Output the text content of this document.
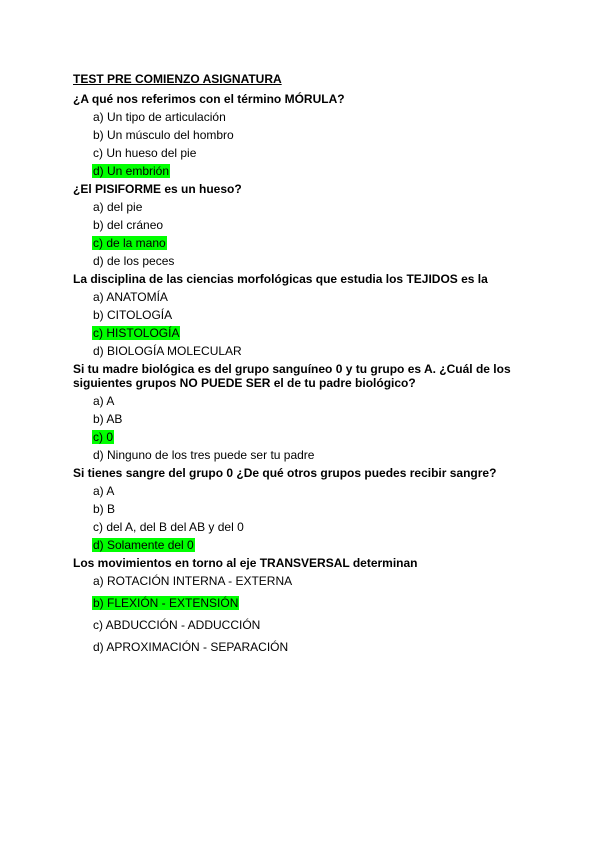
TEST PRE COMIENZO ASIGNATURA
¿A qué nos referimos con el término MÓRULA?
a) Un tipo de articulación
b) Un músculo del hombro
c) Un hueso del pie
d) Un embrión
¿El PISIFORME es un hueso?
a) del pie
b) del cráneo
c) de la mano
d) de los peces
La disciplina de las ciencias morfológicas que estudia los TEJIDOS es la
a) ANATOMÍA
b) CITOLOGÍA
c) HISTOLOGÍA
d) BIOLOGÍA MOLECULAR
Si tu madre biológica es del grupo sanguíneo 0 y tu grupo es A. ¿Cuál de los siguientes grupos NO PUEDE SER el de tu padre biológico?
a) A
b) AB
c) 0
d) Ninguno de los tres puede ser tu padre
Si tienes sangre del grupo 0 ¿De qué otros grupos puedes recibir sangre?
a) A
b) B
c) del A, del B del AB y del 0
d) Solamente del 0
Los movimientos en torno al eje TRANSVERSAL determinan
a) ROTACIÓN INTERNA - EXTERNA
b) FLEXIÓN - EXTENSIÓN
c) ABDUCCIÓN - ADDUCCIÓN
d) APROXIMACIÓN - SEPARACIÓN
